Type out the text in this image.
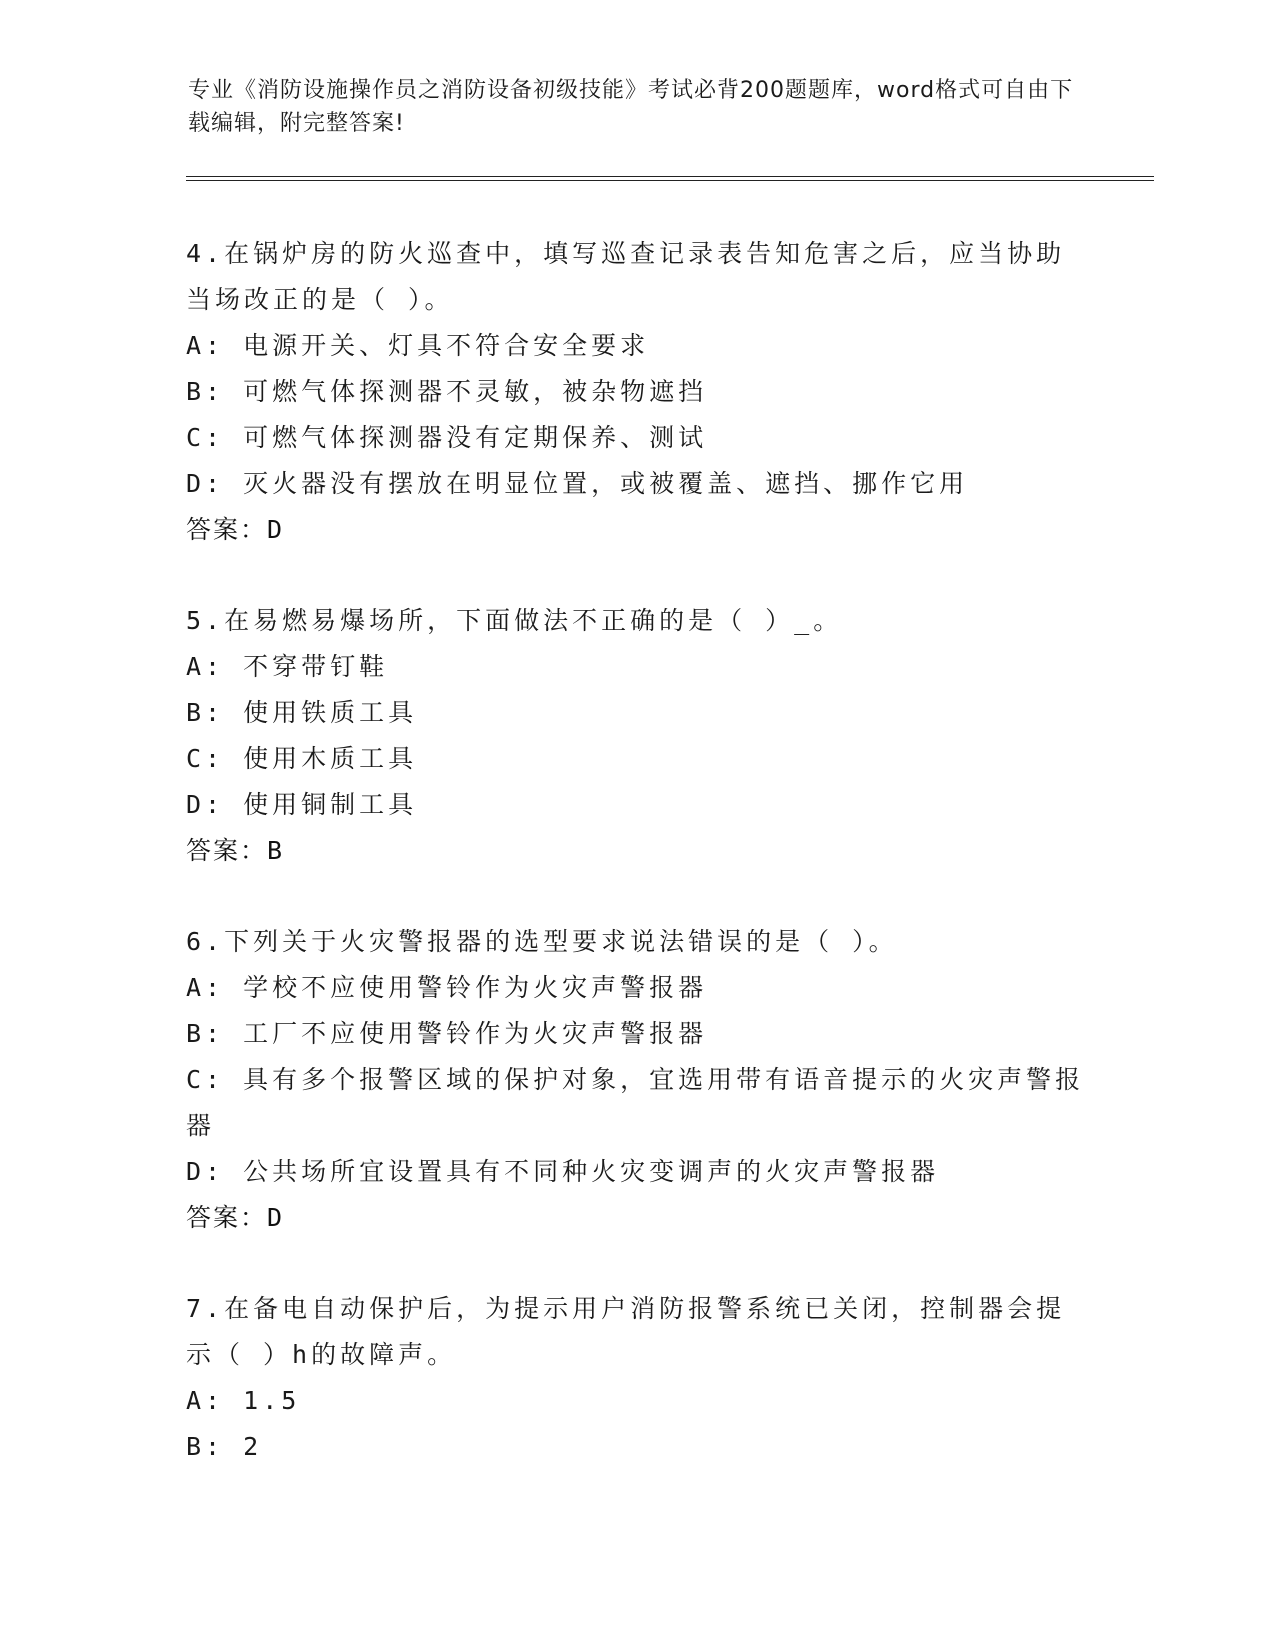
专业《消防设施操作员之消防设备初级技能》考试必背200题题库，word格式可自由下载编辑，附完整答案!
4.在锅炉房的防火巡查中，填写巡查记录表告知危害之后，应当协助
当场改正的是（ ）。
A: 电源开关、灯具不符合安全要求
B: 可燃气体探测器不灵敏，被杂物遮挡
C: 可燃气体探测器没有定期保养、测试
D: 灭火器没有摆放在明显位置，或被覆盖、遮挡、挪作它用
答案：D
5.在易燃易爆场所，下面做法不正确的是（ ）_。
A: 不穿带钉鞋
B: 使用铁质工具
C: 使用木质工具
D: 使用铜制工具
答案：B
6.下列关于火灾警报器的选型要求说法错误的是（ ）。
A: 学校不应使用警铃作为火灾声警报器
B: 工厂不应使用警铃作为火灾声警报器
C: 具有多个报警区域的保护对象，宜选用带有语音提示的火灾声警报
器
D: 公共场所宜设置具有不同种火灾变调声的火灾声警报器
答案：D
7.在备电自动保护后，为提示用户消防报警系统已关闭，控制器会提
示（ ）h的故障声。
A: 1.5
B: 2
